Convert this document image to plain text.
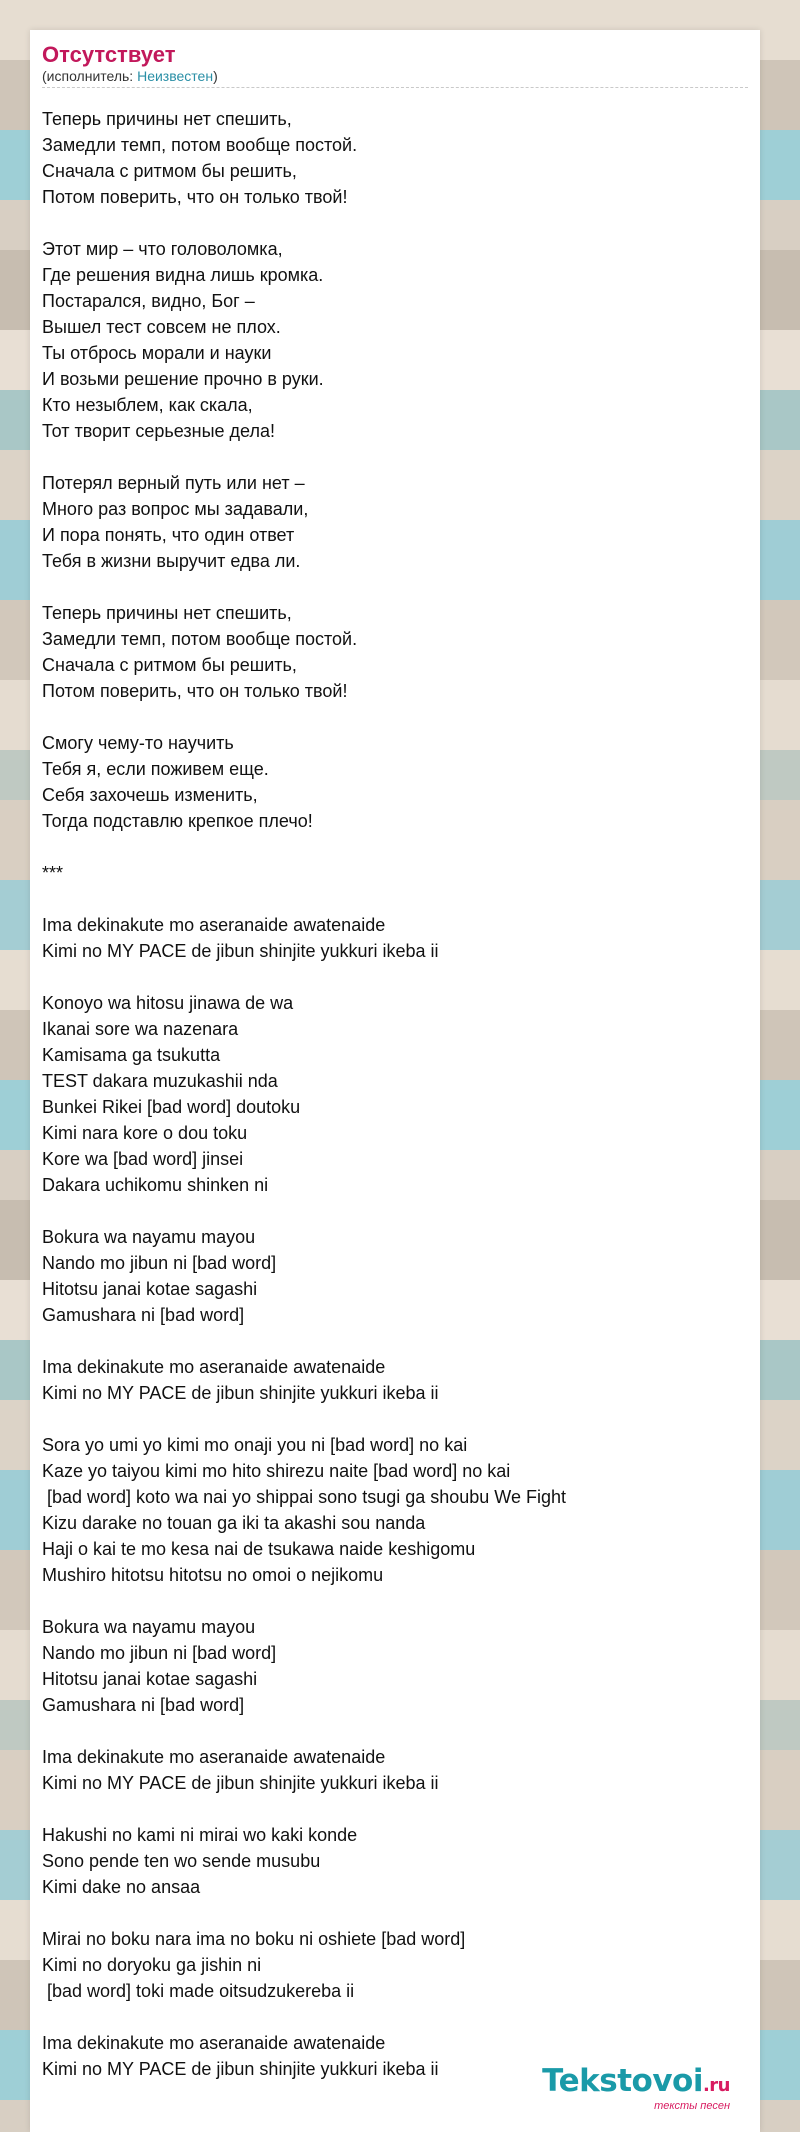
Отсутствует
(исполнитель: Неизвестен)
Теперь причины нет спешить,
Замедли темп, потом вообще постой.
Сначала с ритмом бы решить,
Потом поверить, что он только твой!
Этот мир – что головоломка,
Где решения видна лишь кромка.
Постарался, видно, Бог –
Вышел тест совсем не плох.
Ты отбрось морали и науки
И возьми решение прочно в руки.
Кто незыблем, как скала,
Тот творит серьезные дела!
Потерял верный путь или нет –
Много раз вопрос мы задавали,
И пора понять, что один ответ
Тебя в жизни выручит едва ли.
Теперь причины нет спешить,
Замедли темп, потом вообще постой.
Сначала с ритмом бы решить,
Потом поверить, что он только твой!
Смогу чему-то научить
Тебя я, если поживем еще.
Себя захочешь изменить,
Тогда подставлю крепкое плечо!
***
Ima dekinakute mo aseranaide awatenaide
Kimi no MY PACE de jibun shinjite yukkuri ikeba ii
Konoyo wa hitosu jinawa de wa
Ikanai sore wa nazenara
Kamisama ga tsukutta
TEST dakara muzukashii nda
Bunkei Rikei [bad word] doutoku
Kimi nara kore o dou toku
Kore wa [bad word] jinsei
Dakara uchikomu shinken ni
Bokura wa nayamu mayou
Nando mo jibun ni [bad word]
Hitotsu janai kotae sagashi
Gamushara ni [bad word]
Ima dekinakute mo aseranaide awatenaide
Kimi no MY PACE de jibun shinjite yukkuri ikeba ii
Sora yo umi yo kimi mo onaji you ni [bad word] no kai
Kaze yo taiyou kimi mo hito shirezu naite [bad word] no kai
[bad word] koto wa nai yo shippai sono tsugi ga shoubu We Fight
Kizu darake no touan ga iki ta akashi sou nanda
Haji o kai te mo kesa nai de tsukawa naide keshigomu
Mushiro hitotsu hitotsu no omoi o nejikomu
Bokura wa nayamu mayou
Nando mo jibun ni [bad word]
Hitotsu janai kotae sagashi
Gamushara ni [bad word]
Ima dekinakute mo aseranaide awatenaide
Kimi no MY PACE de jibun shinjite yukkuri ikeba ii
Hakushi no kami ni mirai wo kaki konde
Sono pende ten wo sende musubu
Kimi dake no ansaa
Mirai no boku nara ima no boku ni oshiete [bad word]
Kimi no doryoku ga jishin ni
[bad word] toki made oitsudzukereba ii
Ima dekinakute mo aseranaide awatenaide
Kimi no MY PACE de jibun shinjite yukkuri ikeba ii	Tekstovoi.ru
тексты песен
